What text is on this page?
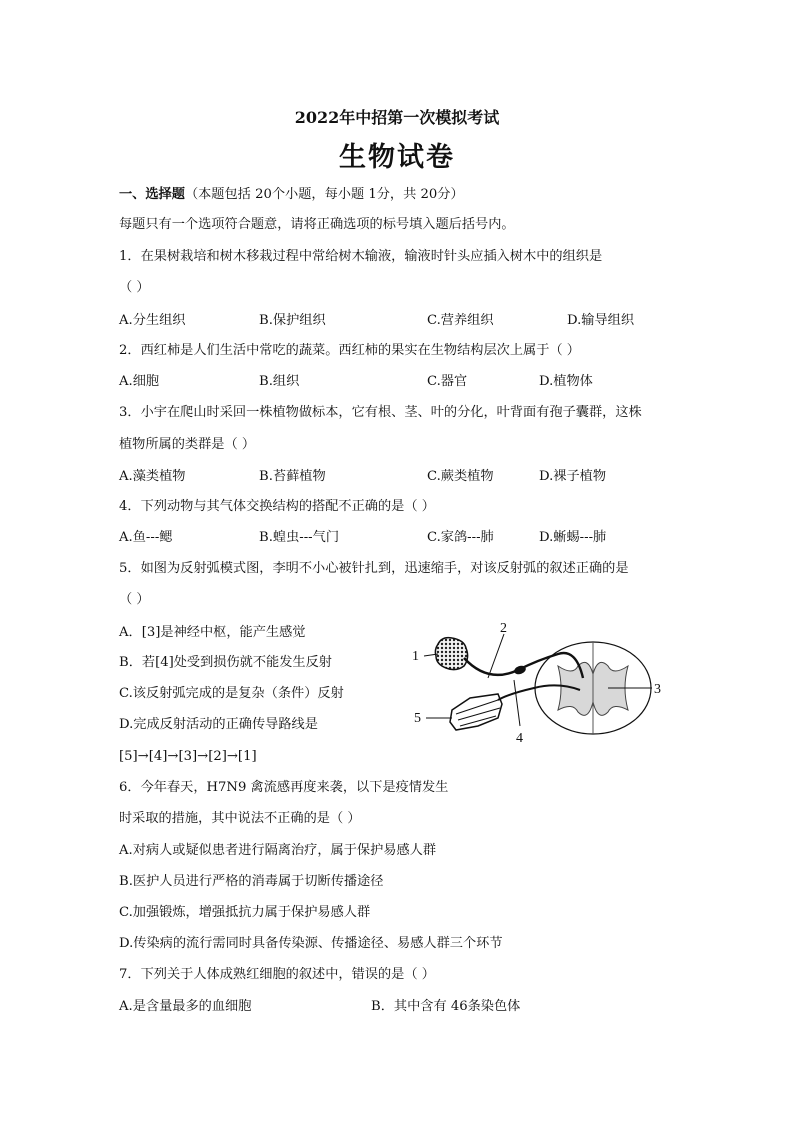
2022年中招第一次模拟考试
生物试卷
一、选择题（本题包括 20个小题，每小题 1分，共 20分）
每题只有一个选项符合题意，请将正确选项的标号填入题后括号内。
1．在果树栽培和树木移栽过程中常给树木输液，输液时针头应插入树木中的组织是
（ ）
A.分生组织	B.保护组织	C.营养组织	D.输导组织
2．西红柿是人们生活中常吃的蔬菜。西红柿的果实在生物结构层次上属于（ ）
A.细胞	B.组织	C.器官	D.植物体
3．小宇在爬山时采回一株植物做标本，它有根、茎、叶的分化，叶背面有孢子囊群，这株
植物所属的类群是（ ）
A.藻类植物	B.苔藓植物	C.蕨类植物	D.裸子植物
4．下列动物与其气体交换结构的搭配不正确的是（ ）
A.鱼---鳃	B.蝗虫---气门	C.家鸽---肺	D.蜥蜴---肺
5．如图为反射弧模式图，李明不小心被针扎到，迅速缩手，对该反射弧的叙述正确的是
（ ）
A．[3]是神经中枢，能产生感觉
B．若[4]处受到损伤就不能发生反射
C.该反射弧完成的是复杂（条件）反射
D.完成反射活动的正确传导路线是
[5]→[4]→[3]→[2]→[1]
1
2
3
4
5
6．今年春天，H7N9 禽流感再度来袭，以下是疫情发生
时采取的措施，其中说法不正确的是（ ）
A.对病人或疑似患者进行隔离治疗，属于保护易感人群
B.医护人员进行严格的消毒属于切断传播途径
C.加强锻炼，增强抵抗力属于保护易感人群
D.传染病的流行需同时具备传染源、传播途径、易感人群三个环节
7．下列关于人体成熟红细胞的叙述中，错误的是（ ）
A.是含量最多的血细胞	B．其中含有 46条染色体
